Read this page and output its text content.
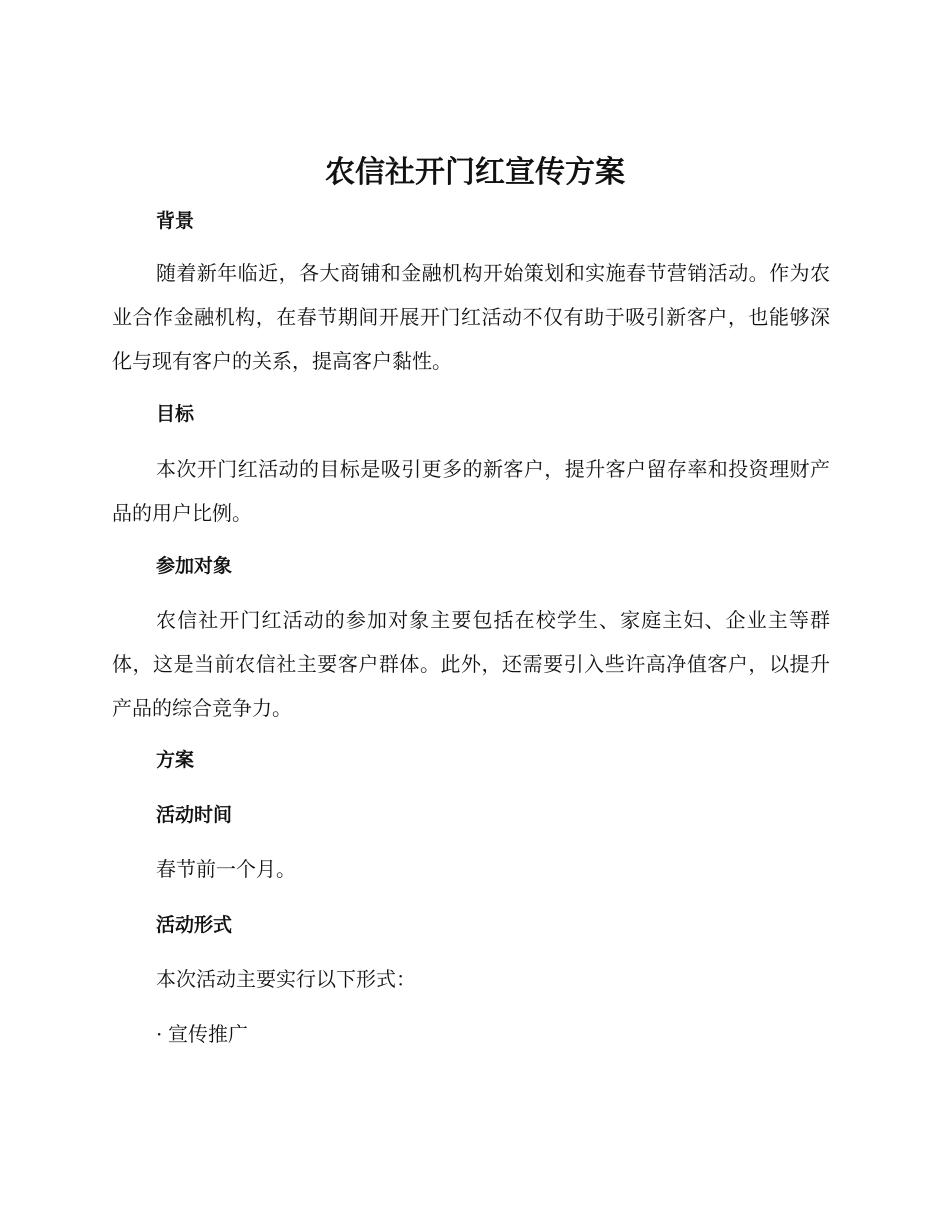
农信社开门红宣传方案
背景

随着新年临近，各大商铺和金融机构开始策划和实施春节营销活动。作为农业合作金融机构，在春节期间开展开门红活动不仅有助于吸引新客户，也能够深化与现有客户的关系，提高客户黏性。

目标

本次开门红活动的目标是吸引更多的新客户，提升客户留存率和投资理财产品的用户比例。

参加对象

农信社开门红活动的参加对象主要包括在校学生、家庭主妇、企业主等群体，这是当前农信社主要客户群体。此外，还需要引入些许高净值客户，以提升产品的综合竞争力。

方案
活动时间

春节前一个月。

活动形式

本次活动主要实行以下形式：

· 宣传推广
